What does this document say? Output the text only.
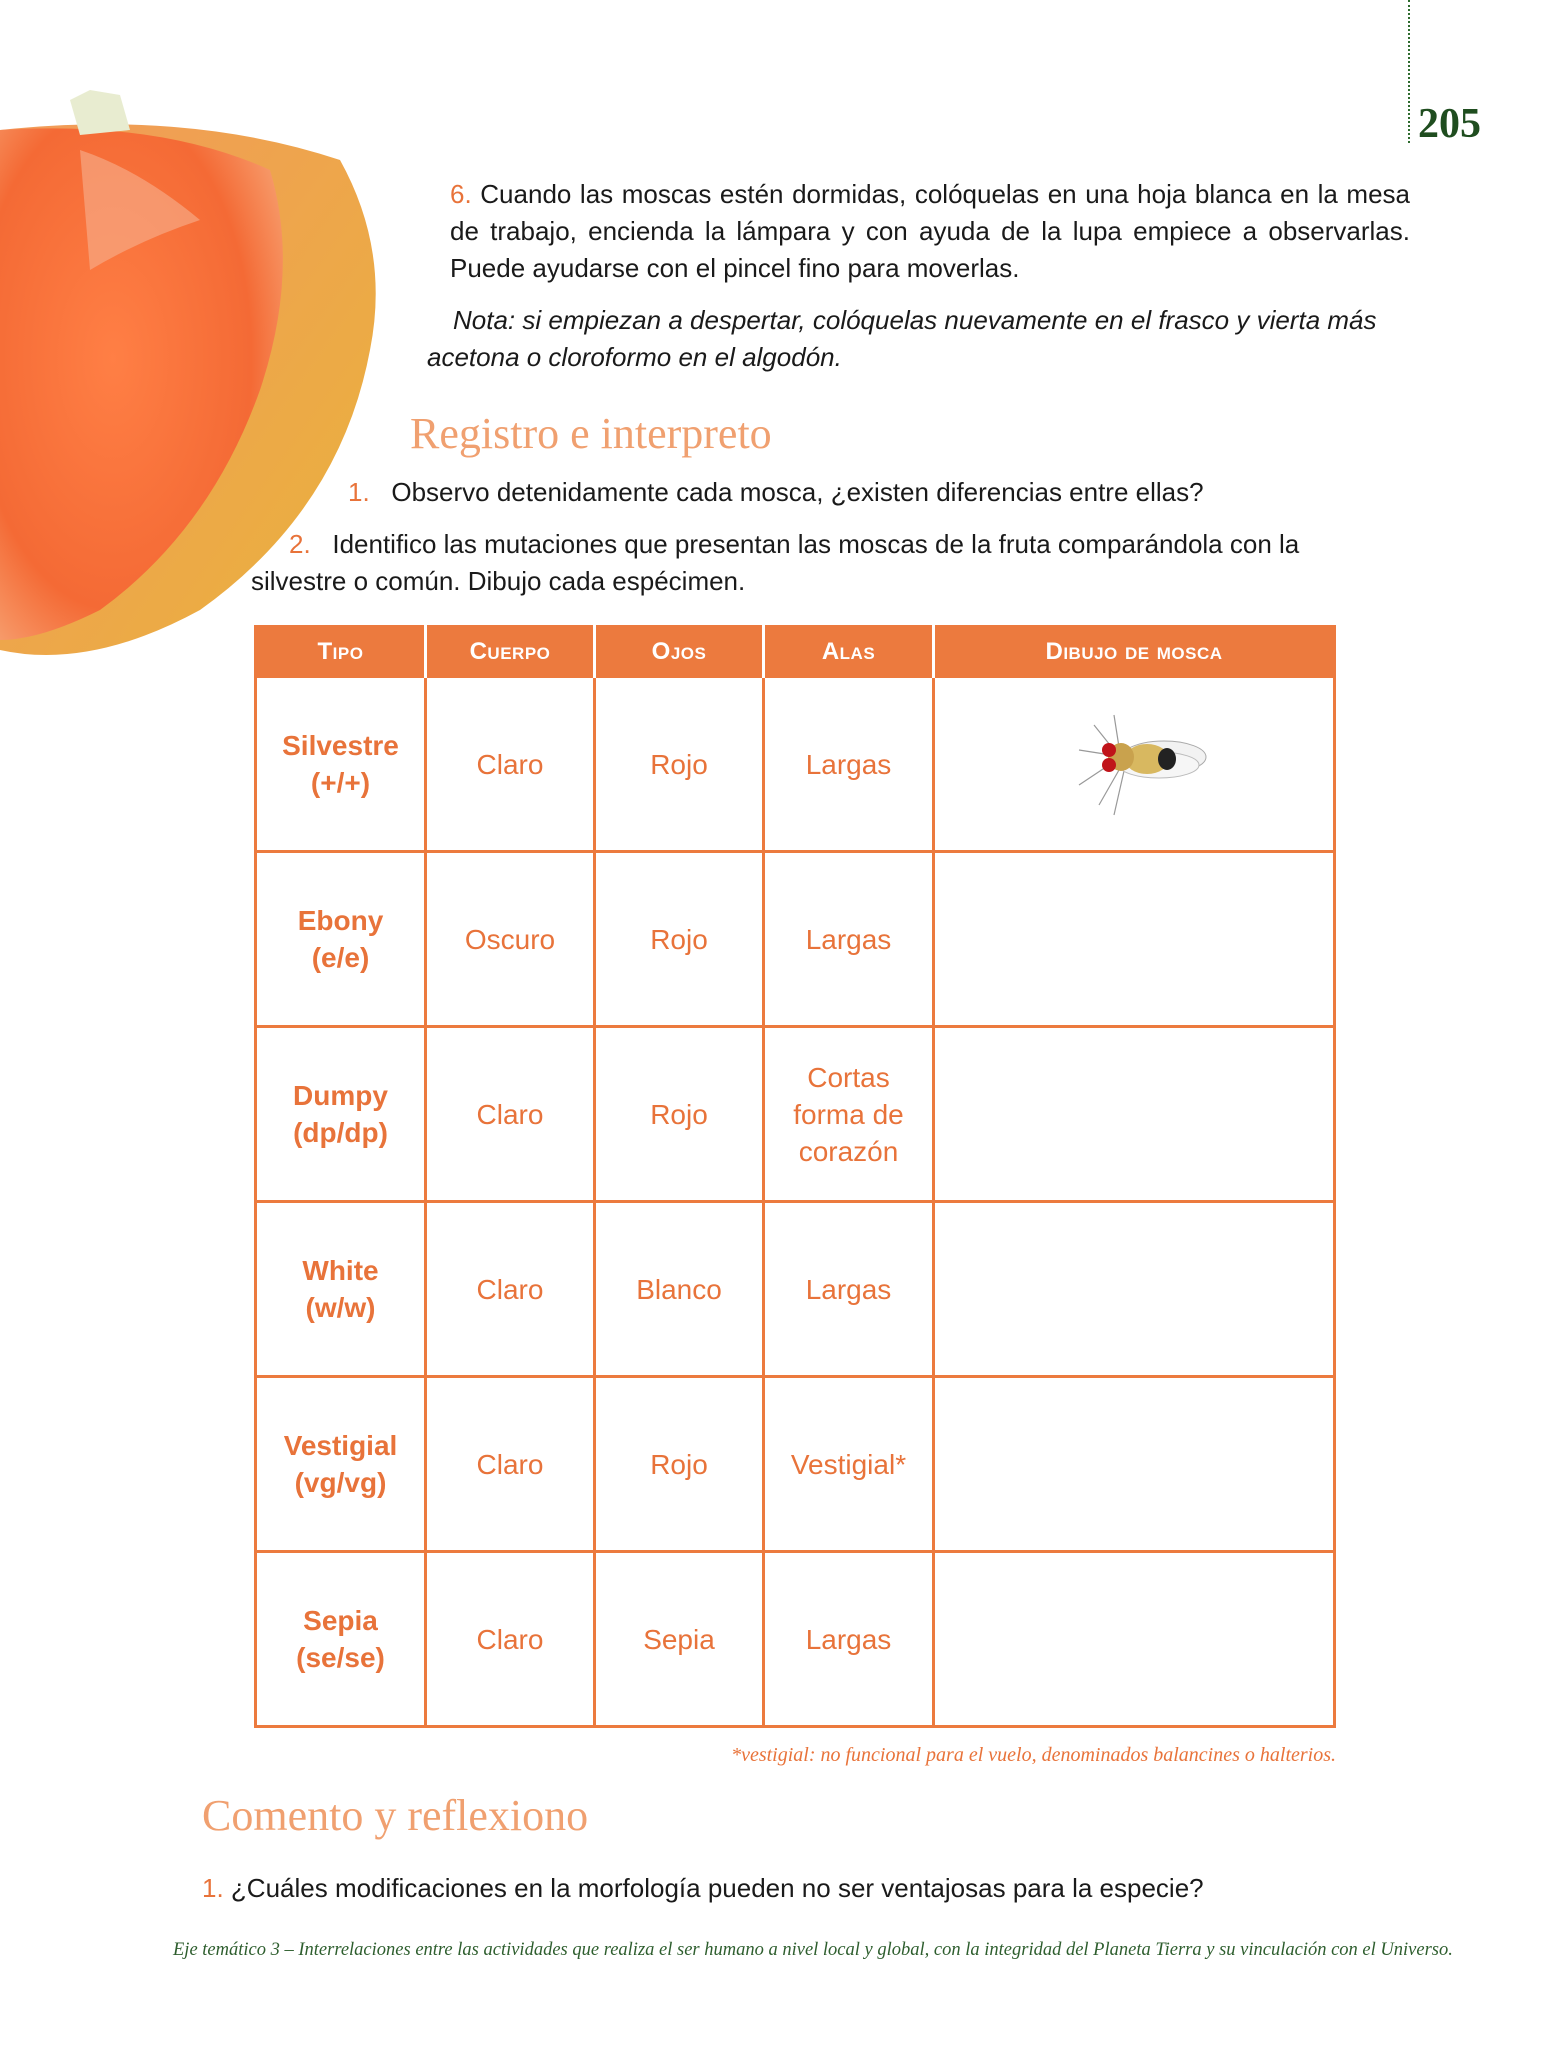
205
6. Cuando las moscas estén dormidas, colóquelas en una hoja blanca en la mesa de trabajo, encienda la lámpara y con ayuda de la lupa empiece a observarlas. Puede ayudarse con el pincel fino para moverlas.
Nota: si empiezan a despertar, colóquelas nuevamente en el frasco y vierta más acetona o cloroformo en el algodón.
Registro e interpreto
1. Observo detenidamente cada mosca, ¿existen diferencias entre ellas?
2. Identifico las mutaciones que presentan las moscas de la fruta comparándola con la silvestre o común. Dibujo cada espécimen.
Tipo	Cuerpo	Ojos	Alas	Dibujo de mosca
Silvestre (+/+)	Claro	Rojo	Largas	
Ebony (e/e)	Oscuro	Rojo	Largas	
Dumpy (dp/dp)	Claro	Rojo	Cortas forma de corazón	
White (w/w)	Claro	Blanco	Largas	
Vestigial (vg/vg)	Claro	Rojo	Vestigial*	
Sepia (se/se)	Claro	Sepia	Largas	
*vestigial: no funcional para el vuelo, denominados balancines o halterios.
Comento y reflexiono
1. ¿Cuáles modificaciones en la morfología pueden no ser ventajosas para la especie?
Eje temático 3 – Interrelaciones entre las actividades que realiza el ser humano a nivel local y global, con la integridad del Planeta Tierra y su vinculación con el Universo.
